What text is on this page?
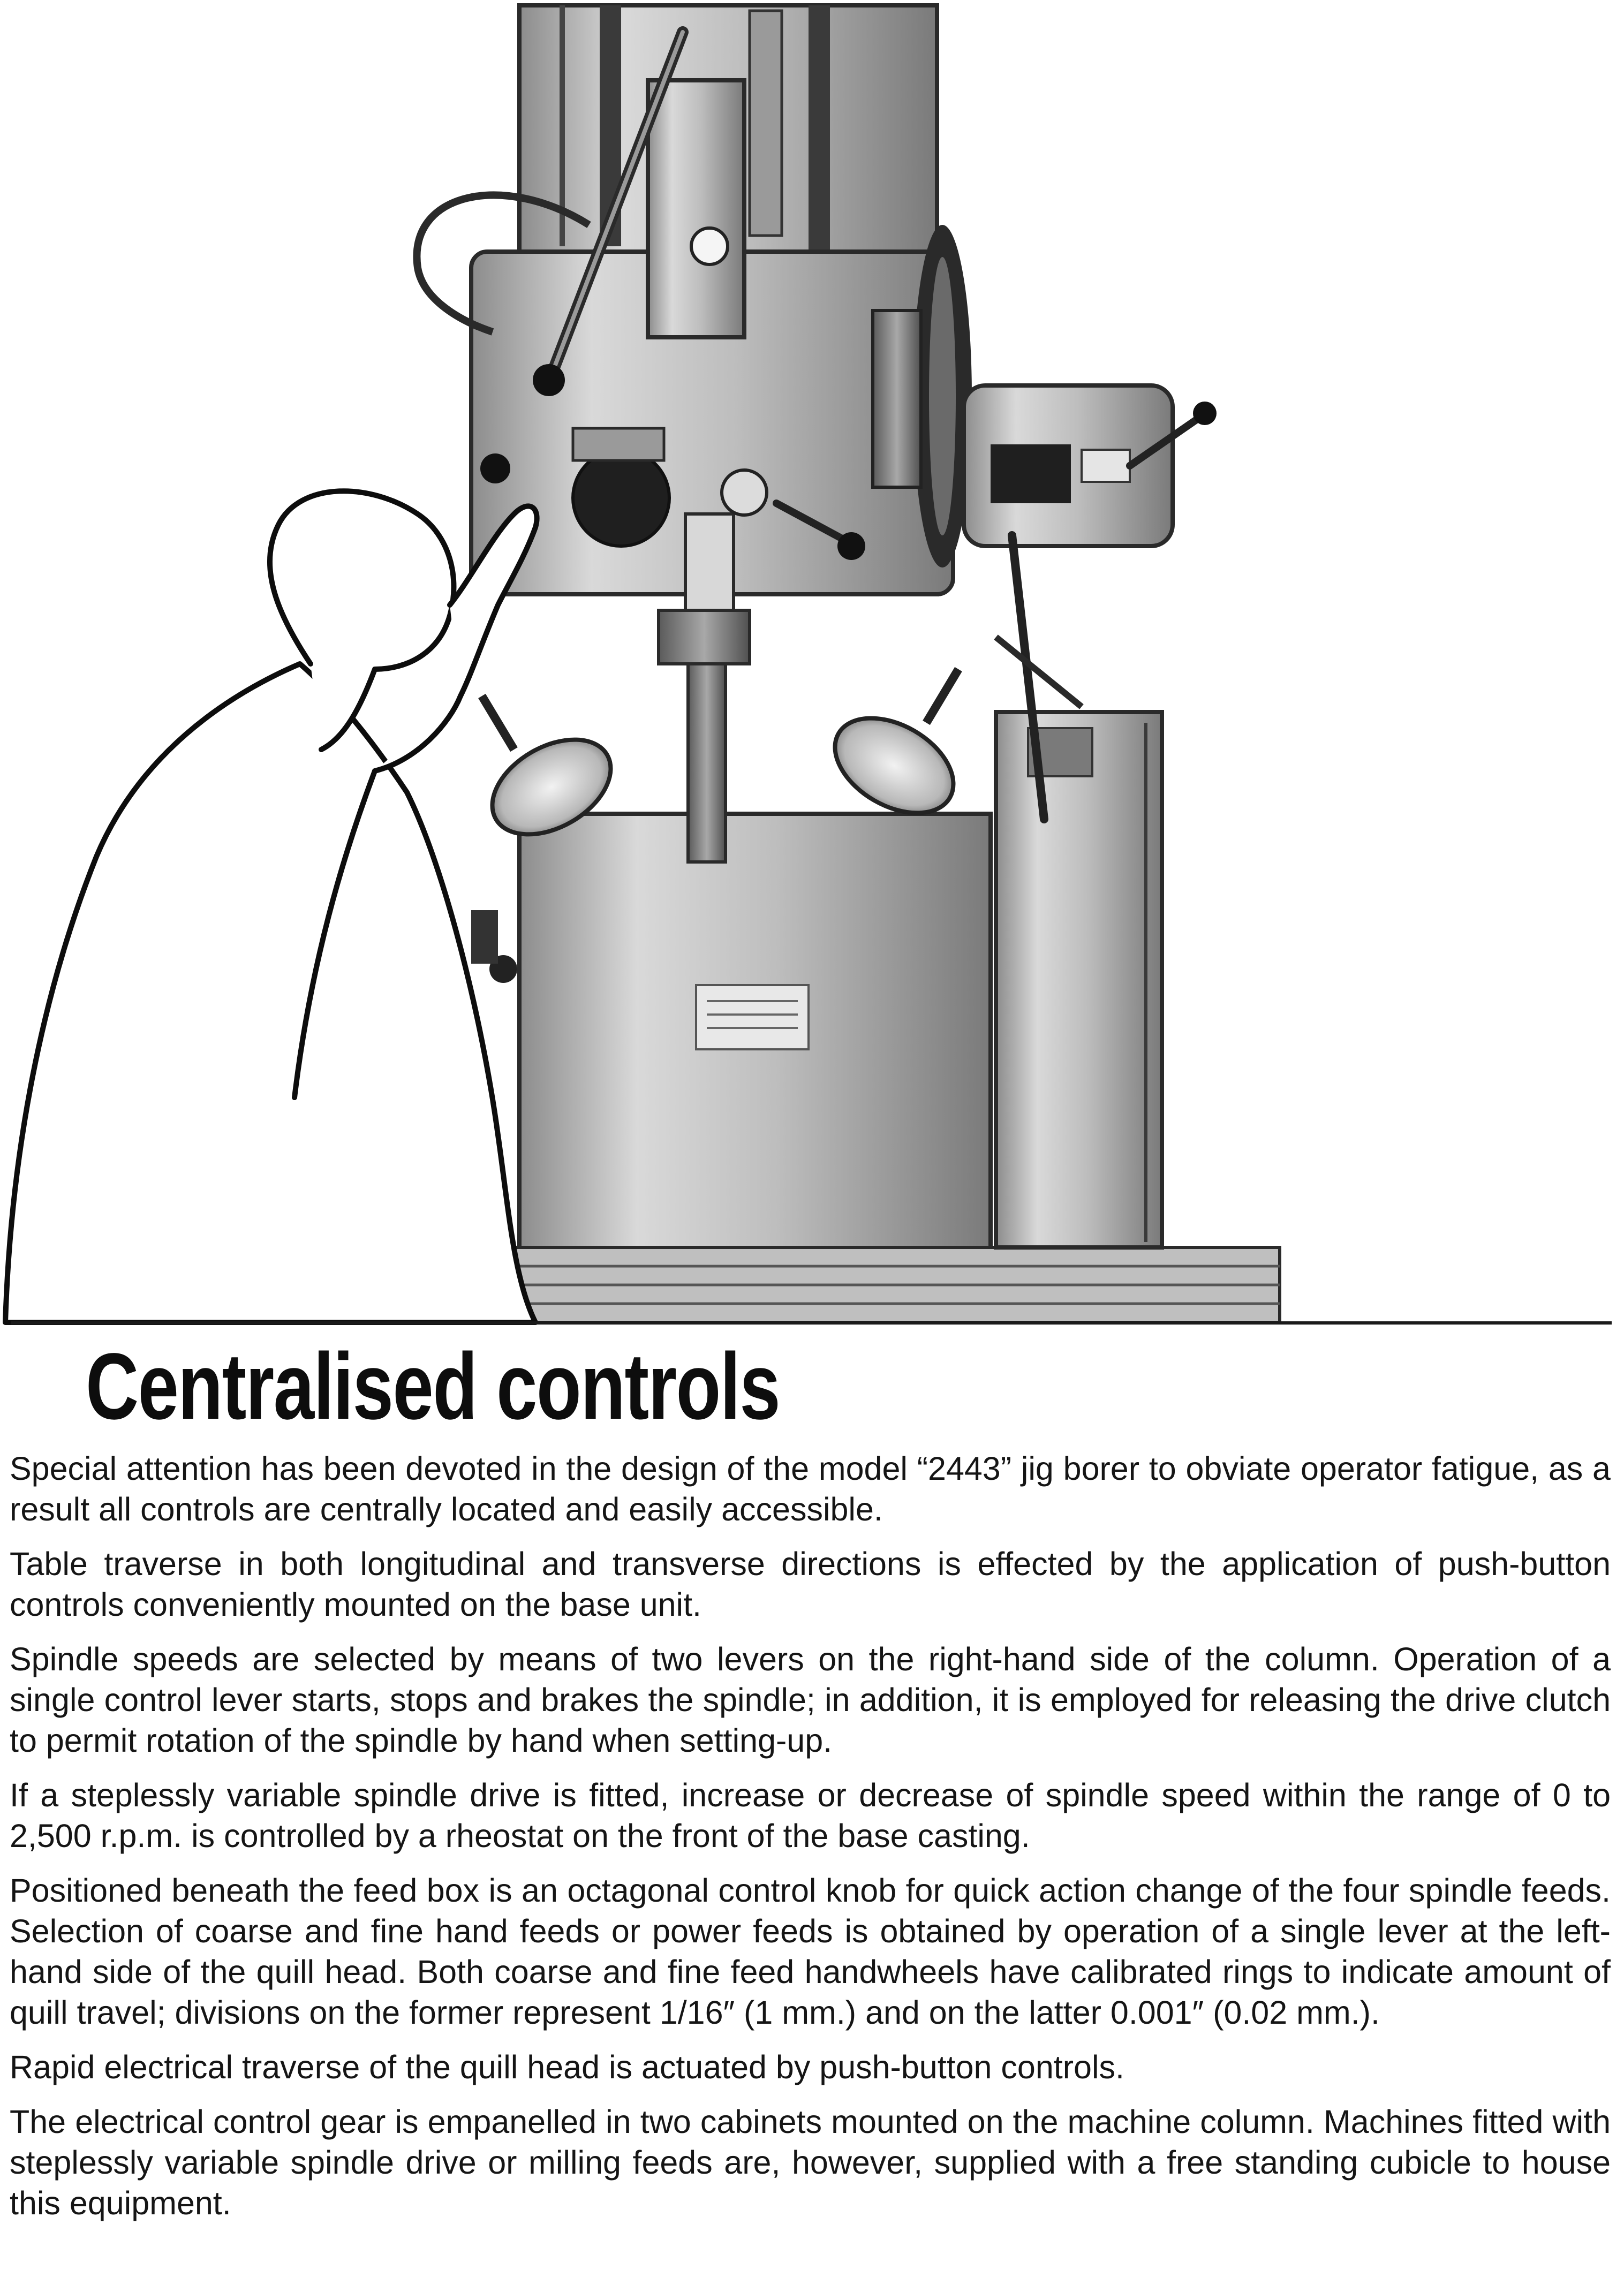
Centralised controls

Special attention has been devoted in the design of the model “2443” jig borer to obviate operator fatigue, as a result all controls are centrally located and easily accessible.

Table traverse in both longitudinal and transverse directions is effected by the application of push-button controls conveniently mounted on the base unit.

Spindle speeds are selected by means of two levers on the right-hand side of the column. Operation of a single control lever starts, stops and brakes the spindle; in addition, it is employed for releasing the drive clutch to permit rotation of the spindle by hand when setting-up.

If a steplessly variable spindle drive is fitted, increase or decrease of spindle speed within the range of 0 to 2,500 r.p.m. is controlled by a rheostat on the front of the base casting.

Positioned beneath the feed box is an octagonal control knob for quick action change of the four spindle feeds. Selection of coarse and fine hand feeds or power feeds is obtained by operation of a single lever at the left-hand side of the quill head. Both coarse and fine feed handwheels have calibrated rings to indicate amount of quill travel; divisions on the former represent 1/16″ (1 mm.) and on the latter 0.001″ (0.02 mm.).

Rapid electrical traverse of the quill head is actuated by push-button controls.

The electrical control gear is empanelled in two cabinets mounted on the machine column. Machines fitted with steplessly variable spindle drive or milling feeds are, however, supplied with a free standing cubicle to house this equipment.
